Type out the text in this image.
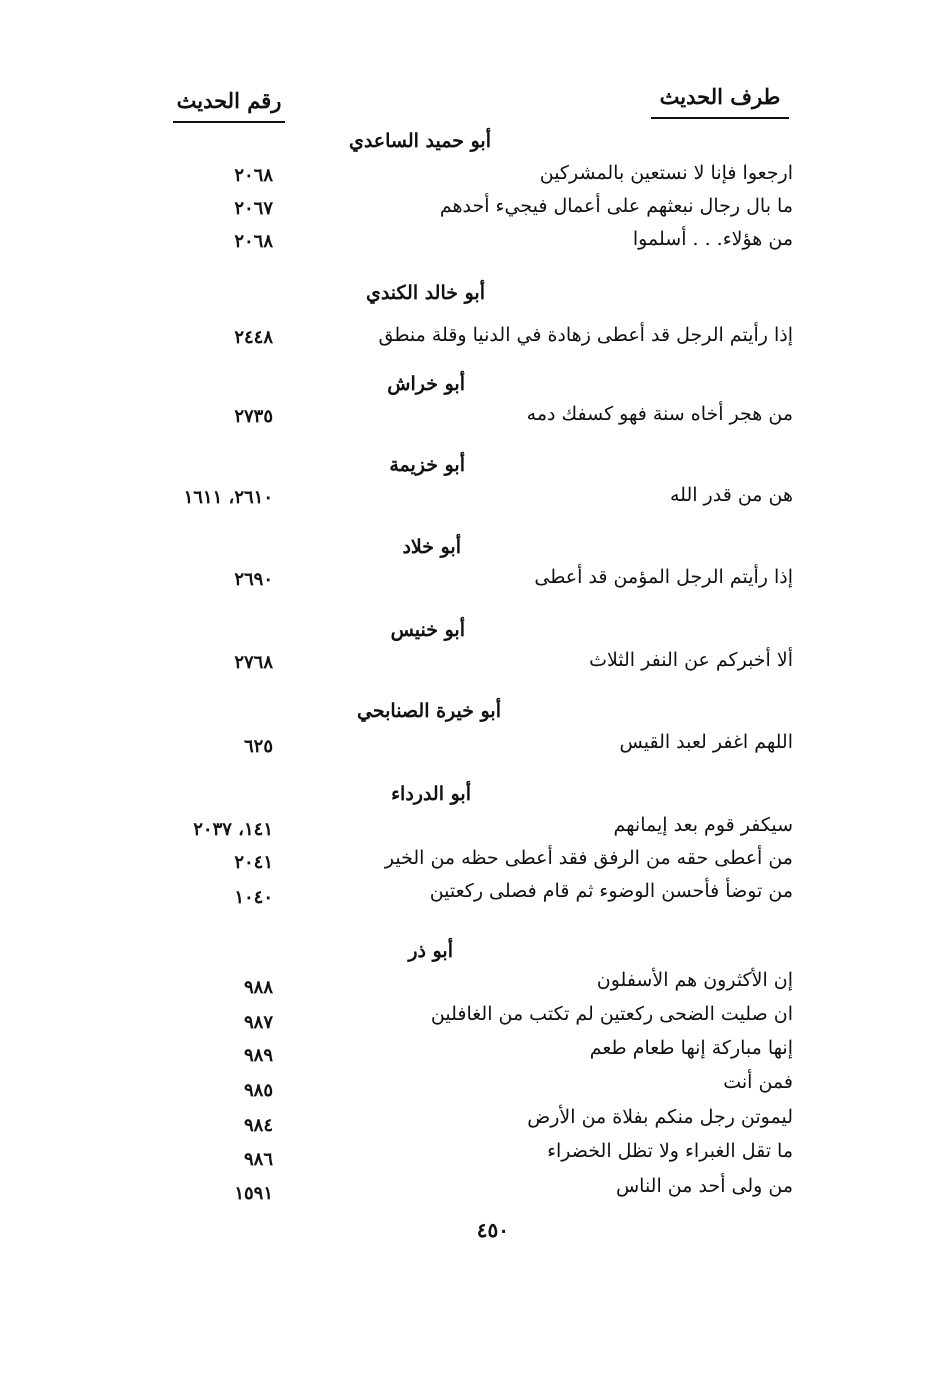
طرف الحديث
رقم الحديث
أبو حميد الساعدي
ارجعوا فإنا لا نستعين بالمشركين
٢٠٦٨
ما بال رجال نبعثهم على أعمال فيجيء أحدهم
٢٠٦٧
من هؤلاء. . . أسلموا
٢٠٦٨
أبو خالد الكندي
إذا رأيتم الرجل قد أعطى زهادة في الدنيا وقلة منطق
٢٤٤٨
أبو خراش
من هجر أخاه سنة فهو كسفك دمه
٢٧٣٥
أبو خزيمة
هن من قدر الله
٢٦١٠، ١٦١١
أبو خلاد
إذا رأيتم الرجل المؤمن قد أعطى
٢٦٩٠
أبو خنيس
ألا أخبركم عن النفر الثلاث
٢٧٦٨
أبو خيرة الصنابحي
اللهم اغفر لعبد القيس
٦٢٥
أبو الدرداء
سيكفر قوم بعد إيمانهم
١٤١، ٢٠٣٧
من أعطى حقه من الرفق فقد أعطى حظه من الخير
٢٠٤١
من توضأ فأحسن الوضوء ثم قام فصلى ركعتين
١٠٤٠
أبو ذر
إن الأكثرون هم الأسفلون
٩٨٨
ان صليت الضحى ركعتين لم تكتب من الغافلين
٩٨٧
إنها مباركة إنها طعام طعم
٩٨٩
فمن أنت
٩٨٥
ليموتن رجل منكم بفلاة من الأرض
٩٨٤
ما تقل الغبراء ولا تظل الخضراء
٩٨٦
من ولى أحد من الناس
١٥٩١
٤٥٠
